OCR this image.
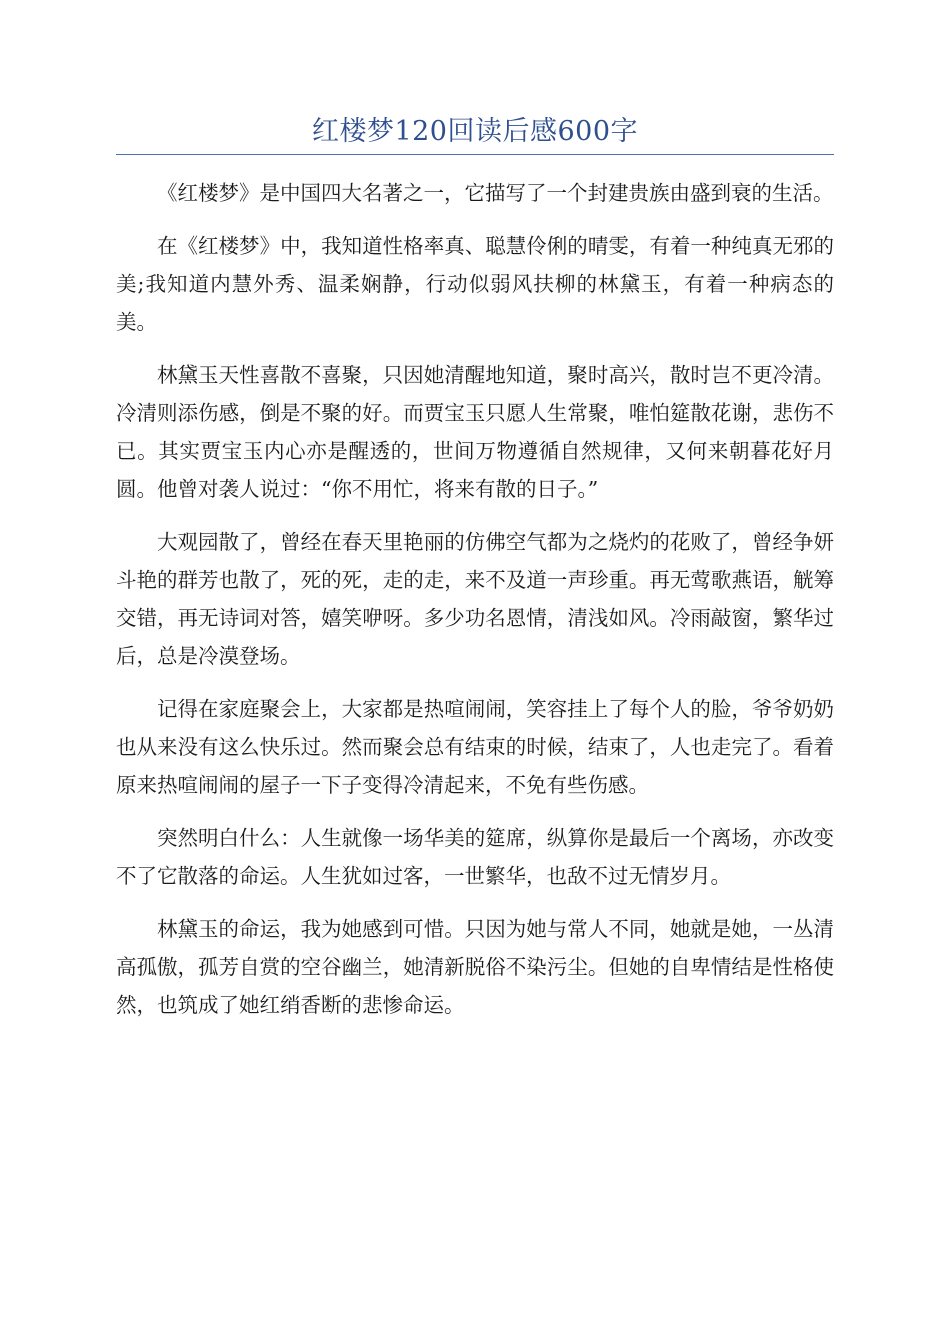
红楼梦120回读后感600字

《红楼梦》是中国四大名著之一，它描写了一个封建贵族由盛到衰的生活。

在《红楼梦》中，我知道性格率真、聪慧伶俐的晴雯，有着一种纯真无邪的美;我知道内慧外秀、温柔娴静，行动似弱风扶柳的林黛玉，有着一种病态的美。

林黛玉天性喜散不喜聚，只因她清醒地知道，聚时高兴，散时岂不更冷清。冷清则添伤感，倒是不聚的好。而贾宝玉只愿人生常聚，唯怕筵散花谢，悲伤不已。其实贾宝玉内心亦是醒透的，世间万物遵循自然规律，又何来朝暮花好月圆。他曾对袭人说过：“你不用忙，将来有散的日子。”

大观园散了，曾经在春天里艳丽的仿佛空气都为之烧灼的花败了，曾经争妍斗艳的群芳也散了，死的死，走的走，来不及道一声珍重。再无莺歌燕语，觥筹交错，再无诗词对答，嬉笑咿呀。多少功名恩情，清浅如风。冷雨敲窗，繁华过后，总是冷漠登场。

记得在家庭聚会上，大家都是热喧闹闹，笑容挂上了每个人的脸，爷爷奶奶也从来没有这么快乐过。然而聚会总有结束的时候，结束了，人也走完了。看着原来热喧闹闹的屋子一下子变得冷清起来，不免有些伤感。

突然明白什么：人生就像一场华美的筵席，纵算你是最后一个离场，亦改变不了它散落的命运。人生犹如过客，一世繁华，也敌不过无情岁月。

林黛玉的命运，我为她感到可惜。只因为她与常人不同，她就是她，一丛清高孤傲，孤芳自赏的空谷幽兰，她清新脱俗不染污尘。但她的自卑情结是性格使然，也筑成了她红绡香断的悲惨命运。
